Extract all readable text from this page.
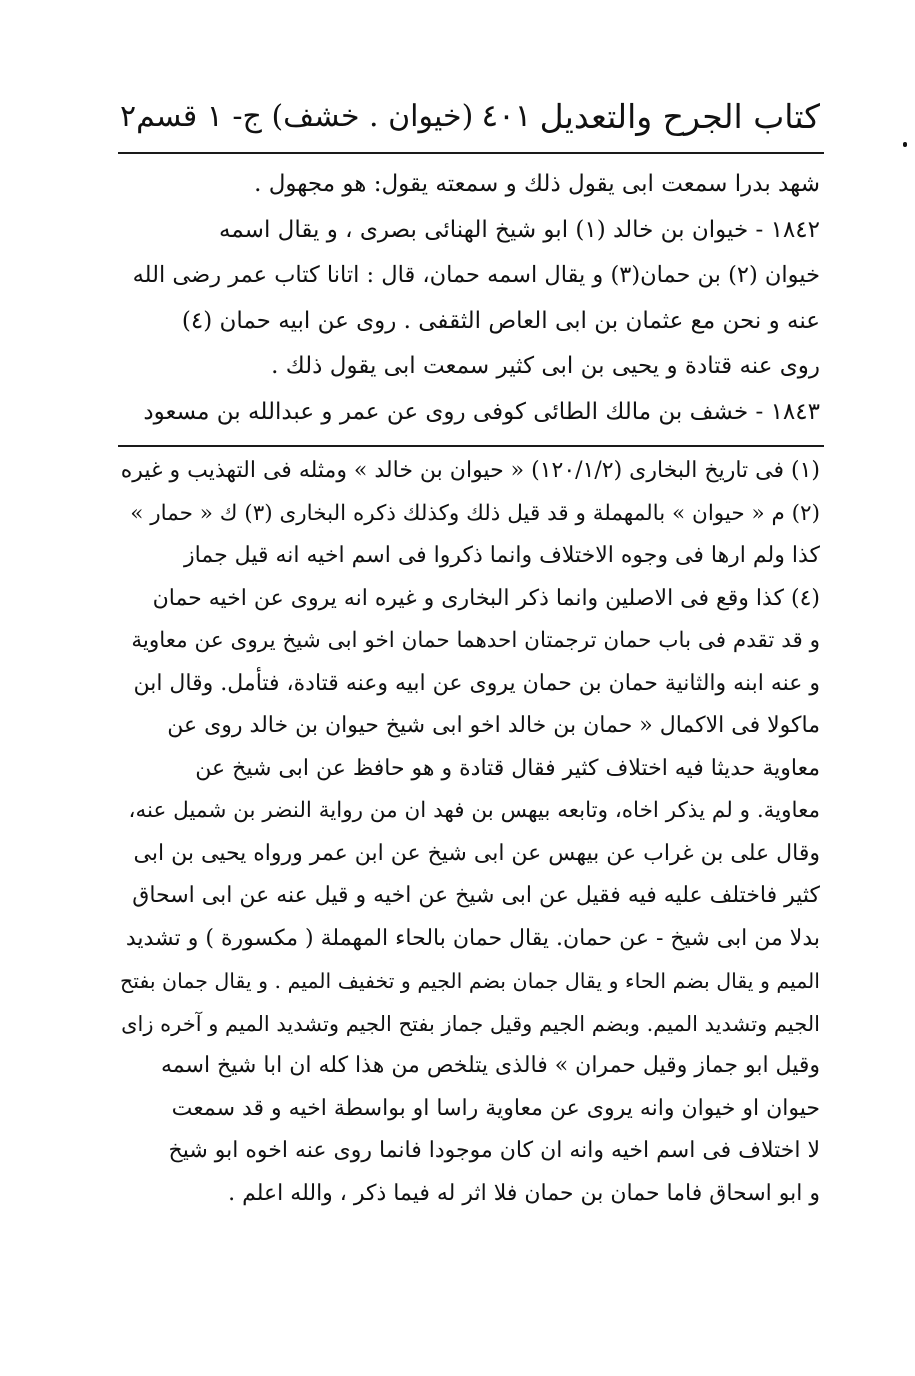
كتاب الجرح والتعديل
٤٠١
(خيوان . خشف) ج- ١ قسم٢
شهد بدرا سمعت ابى يقول ذلك و سمعته يقول: هو مجهول .
١٨٤٢ - خيوان بن خالد (١) ابو شيخ الهنائى بصرى ، و يقال اسمه
خيوان (٢) بن حمان(٣) و يقال اسمه حمان، قال : اتانا كتاب عمر رضى الله
عنه و نحن مع عثمان بن ابى العاص الثقفى . روى عن ابيه حمان (٤)
روى عنه قتادة و يحيى بن ابى كثير سمعت ابى يقول ذلك .
١٨٤٣ - خشف بن مالك الطائى كوفى روى عن عمر و عبدالله بن مسعود
(١) فى تاريخ البخارى (١٢٠/١/٢) « حيوان بن خالد » ومثله فى التهذيب و غيره
(٢) م « حيوان » بالمهملة و قد قيل ذلك وكذلك ذكره البخارى (٣) ك « حمار »
كذا ولم ارها فى وجوه الاختلاف وانما ذكروا فى اسم اخيه انه قيل جماز
(٤) كذا وقع فى الاصلين وانما ذكر البخارى و غيره انه يروى عن اخيه حمان
و قد تقدم فى باب حمان ترجمتان احدهما حمان اخو ابى شيخ يروى عن معاوية
و عنه ابنه والثانية حمان بن حمان يروى عن ابيه وعنه قتادة، فتأمل. وقال ابن
ماكولا فى الاكمال « حمان بن خالد اخو ابى شيخ حيوان بن خالد روى عن
معاوية حديثا فيه اختلاف كثير فقال قتادة و هو حافظ عن ابى شيخ عن
معاوية. و لم يذكر اخاه، وتابعه بيهس بن فهد ان من رواية النضر بن شميل عنه،
وقال على بن غراب عن بيهس عن ابى شيخ عن ابن عمر ورواه يحيى بن ابى
كثير فاختلف عليه فيه فقيل عن ابى شيخ عن اخيه و قيل عنه عن ابى اسحاق
بدلا من ابى شيخ - عن حمان. يقال حمان بالحاء المهملة ( مكسورة ) و تشديد
الميم و يقال بضم الحاء و يقال جمان بضم الجيم و تخفيف الميم . و يقال جمان بفتح
الجيم وتشديد الميم. وبضم الجيم وقيل جماز بفتح الجيم وتشديد الميم و آخره زاى
وقيل ابو جماز وقيل حمران » فالذى يتلخص من هذا كله ان ابا شيخ اسمه
حيوان او خيوان وانه يروى عن معاوية راسا او بواسطة اخيه و قد سمعت
لا اختلاف فى اسم اخيه وانه ان كان موجودا فانما روى عنه اخوه ابو شيخ
و ابو اسحاق فاما حمان بن حمان فلا اثر له فيما ذكر ، والله اعلم .
